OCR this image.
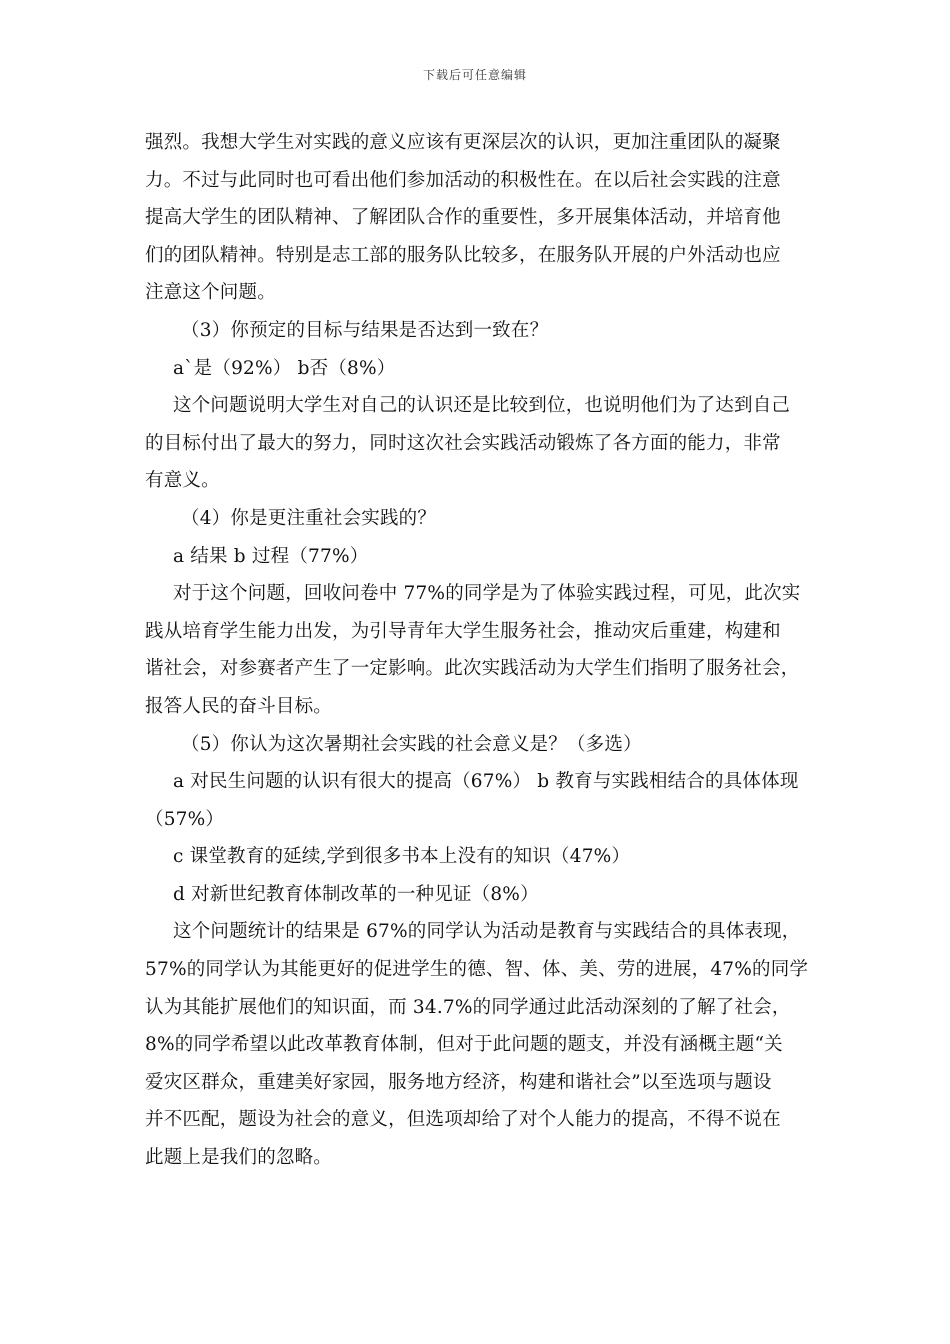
下载后可任意编辑
强烈。我想大学生对实践的意义应该有更深层次的认识，更加注重团队的凝聚
力。不过与此同时也可看出他们参加活动的积极性在。在以后社会实践的注意
提高大学生的团队精神、了解团队合作的重要性，多开展集体活动，并培育他
们的团队精神。特别是志工部的服务队比较多，在服务队开展的户外活动也应
注意这个问题。
（3）你预定的目标与结果是否达到一致在？
a`是（92%） b否（8%）
这个问题说明大学生对自己的认识还是比较到位，也说明他们为了达到自己
的目标付出了最大的努力，同时这次社会实践活动锻炼了各方面的能力，非常
有意义。
（4）你是更注重社会实践的？
a 结果 b 过程（77%）
对于这个问题，回收问卷中 77%的同学是为了体验实践过程，可见，此次实
践从培育学生能力出发，为引导青年大学生服务社会，推动灾后重建，构建和
谐社会，对参赛者产生了一定影响。此次实践活动为大学生们指明了服务社会，
报答人民的奋斗目标。
（5）你认为这次暑期社会实践的社会意义是？（多选）
a 对民生问题的认识有很大的提高（67%） b 教育与实践相结合的具体体现
（57%）
c 课堂教育的延续,学到很多书本上没有的知识（47%）
d 对新世纪教育体制改革的一种见证（8%）
这个问题统计的结果是 67%的同学认为活动是教育与实践结合的具体表现，
57%的同学认为其能更好的促进学生的德、智、体、美、劳的进展，47%的同学
认为其能扩展他们的知识面，而 34.7%的同学通过此活动深刻的了解了社会，
8%的同学希望以此改革教育体制，但对于此问题的题支，并没有涵概主题“关
爱灾区群众，重建美好家园，服务地方经济，构建和谐社会”以至选项与题设
并不匹配，题设为社会的意义，但选项却给了对个人能力的提高，不得不说在
此题上是我们的忽略。
